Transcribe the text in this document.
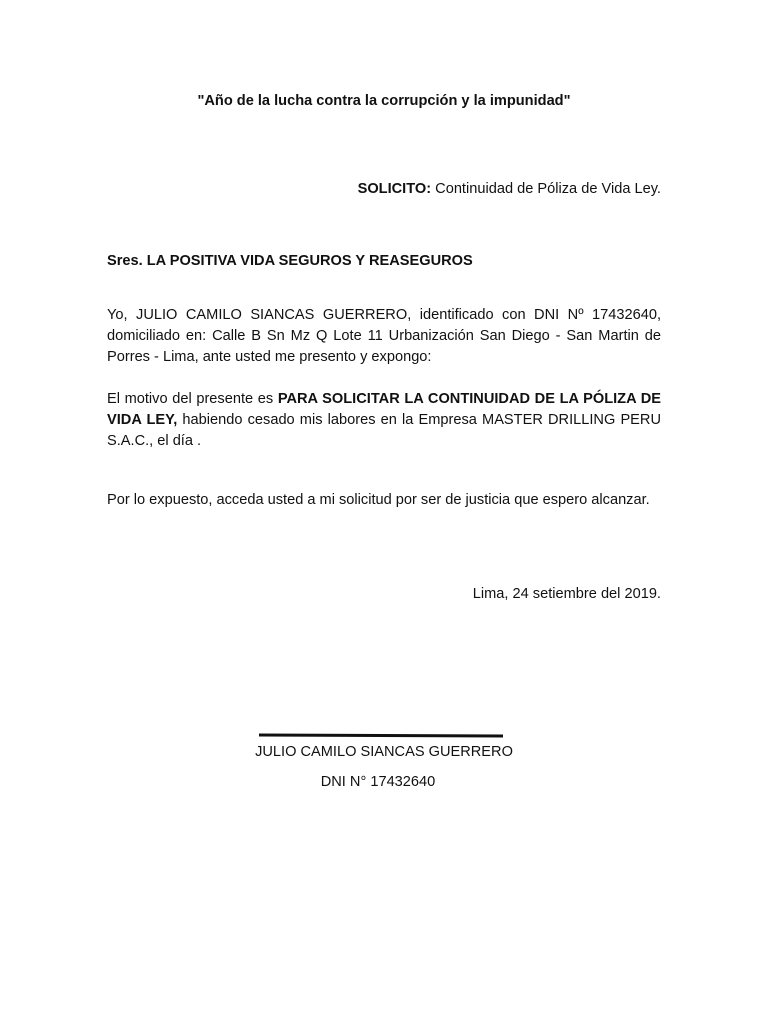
"Año de la lucha contra la corrupción y la impunidad"
SOLICITO: Continuidad de Póliza de Vida Ley.
Sres. LA POSITIVA VIDA SEGUROS Y REASEGUROS

Yo, JULIO CAMILO SIANCAS GUERRERO, identificado con DNI Nº 17432640, domiciliado en: Calle B Sn Mz Q Lote 11 Urbanización San Diego - San Martin de Porres - Lima, ante usted me presento y expongo:

El motivo del presente es PARA SOLICITAR LA CONTINUIDAD DE LA PÓLIZA DE VIDA LEY, habiendo cesado mis labores en la Empresa MASTER DRILLING PERU S.A.C., el día .

Por lo expuesto, acceda usted a mi solicitud por ser de justicia que espero alcanzar.

Lima, 24 setiembre del 2019.
JULIO CAMILO SIANCAS GUERRERO
DNI N° 17432640
